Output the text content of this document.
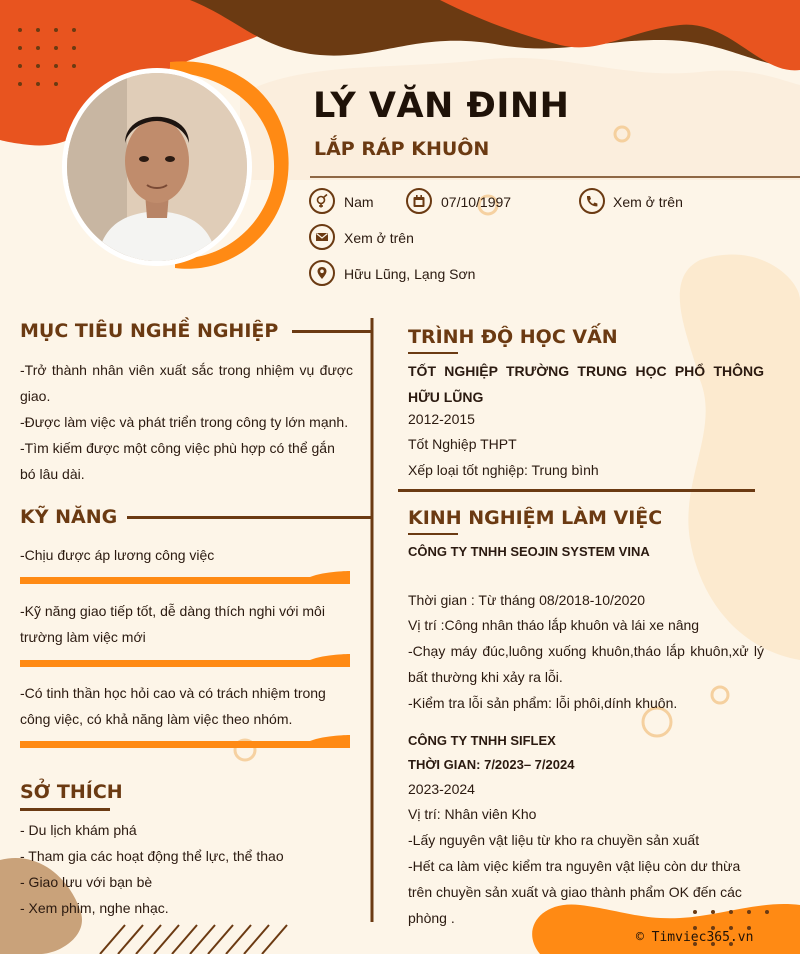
LÝ VĂN ĐINH
LẮP RÁP KHUÔN
Nam	07/10/1997	Xem ở trên
Xem ở trên
Hữu Lũng, Lạng Sơn
MỤC TIÊU NGHỀ NGHIỆP
-Trở thành nhân viên xuất sắc trong nhiệm vụ được giao.
-Được làm việc và phát triển trong công ty lớn mạnh.
-Tìm kiếm được một công việc phù hợp có thể gắn bó lâu dài.
KỸ NĂNG
-Chịu được áp lương công việc
-Kỹ năng giao tiếp tốt, dễ dàng thích nghi với môi trường làm việc mới
-Có tinh thần học hỏi cao và có trách nhiệm trong công việc, có khả năng làm việc theo nhóm.
SỞ THÍCH
- Du lịch khám phá
- Tham gia các hoạt động thể lực, thể thao
- Giao lưu với bạn bè
- Xem phim, nghe nhạc.
TRÌNH ĐỘ HỌC VẤN
TỐT NGHIỆP TRƯỜNG TRUNG HỌC PHỔ THÔNG HỮU LŨNG
2012-2015
Tốt Nghiệp THPT
Xếp loại tốt nghiệp: Trung bình
KINH NGHIỆM LÀM VIỆC
CÔNG TY TNHH SEOJIN SYSTEM VINA
Thời gian : Từ tháng 08/2018-10/2020
Vị trí :Công nhân tháo lắp khuôn và lái xe nâng
-Chạy máy đúc,luông xuống khuôn,tháo lắp khuôn,xử lý bất thường khi xảy ra lỗi.
-Kiểm tra lỗi sản phẩm: lỗi phôi,dính khuôn.
CÔNG TY TNHH SIFLEX
THỜI GIAN: 7/2023– 7/2024
2023-2024
Vị trí: Nhân viên Kho
-Lấy nguyên vật liệu từ kho ra chuyền sản xuất
-Hết ca làm việc kiểm tra nguyên vật liệu còn dư thừa trên chuyền sản xuất và giao thành phẩm OK đến các phòng .
© Timviec365.vn
